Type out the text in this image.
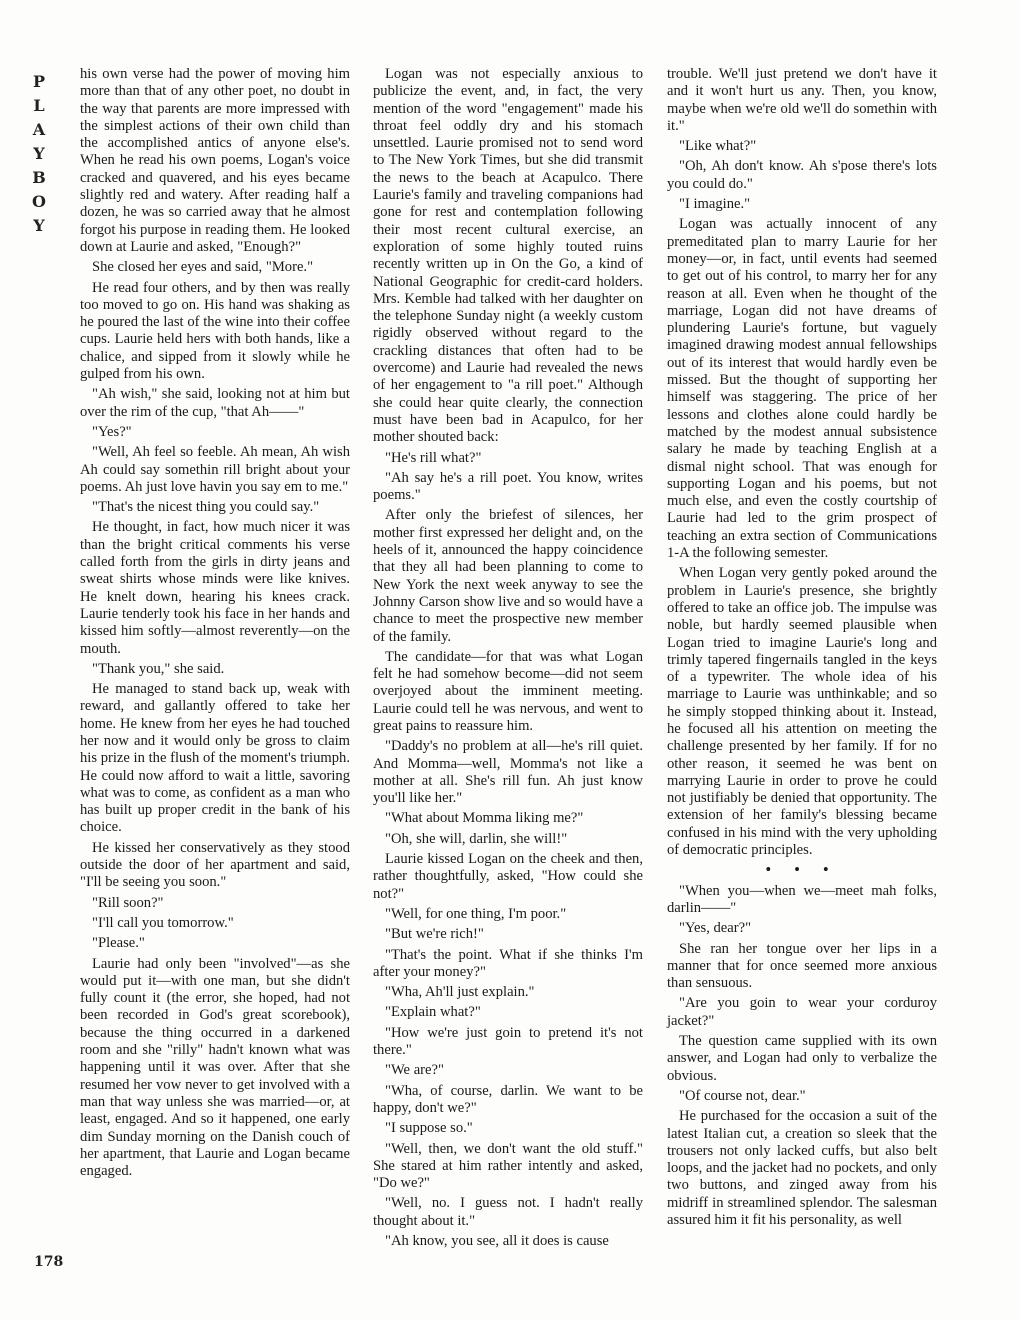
P
L
A
Y
B
O
Y
178

his own verse had the power of moving him more than that of any other poet, no doubt in the way that parents are more impressed with the simplest actions of their own child than the accomplished antics of anyone else's. When he read his own poems, Logan's voice cracked and quavered, and his eyes became slightly red and watery. After reading half a dozen, he was so carried away that he almost forgot his purpose in reading them. He looked down at Laurie and asked, "Enough?"

She closed her eyes and said, "More."

He read four others, and by then was really too moved to go on. His hand was shaking as he poured the last of the wine into their coffee cups. Laurie held hers with both hands, like a chalice, and sipped from it slowly while he gulped from his own.

"Ah wish," she said, looking not at him but over the rim of the cup, "that Ah——"

"Yes?"

"Well, Ah feel so feeble. Ah mean, Ah wish Ah could say somethin rill bright about your poems. Ah just love havin you say em to me."

"That's the nicest thing you could say."

He thought, in fact, how much nicer it was than the bright critical comments his verse called forth from the girls in dirty jeans and sweat shirts whose minds were like knives. He knelt down, hearing his knees crack. Laurie tenderly took his face in her hands and kissed him softly—almost reverently—on the mouth.

"Thank you," she said.

He managed to stand back up, weak with reward, and gallantly offered to take her home. He knew from her eyes he had touched her now and it would only be gross to claim his prize in the flush of the moment's triumph. He could now afford to wait a little, savoring what was to come, as confident as a man who has built up proper credit in the bank of his choice.

He kissed her conservatively as they stood outside the door of her apartment and said, "I'll be seeing you soon."

"Rill soon?"

"I'll call you tomorrow."

"Please."

Laurie had only been "involved"—as she would put it—with one man, but she didn't fully count it (the error, she hoped, had not been recorded in God's great scorebook), because the thing occurred in a darkened room and she "rilly" hadn't known what was happening until it was over. After that she resumed her vow never to get involved with a man that way unless she was married—or, at least, engaged. And so it happened, one early dim Sunday morning on the Danish couch of her apartment, that Laurie and Logan became engaged.

Logan was not especially anxious to publicize the event, and, in fact, the very mention of the word "engagement" made his throat feel oddly dry and his stomach unsettled. Laurie promised not to send word to The New York Times, but she did transmit the news to the beach at Acapulco. There Laurie's family and traveling companions had gone for rest and contemplation following their most recent cultural exercise, an exploration of some highly touted ruins recently written up in On the Go, a kind of National Geographic for credit-card holders. Mrs. Kemble had talked with her daughter on the telephone Sunday night (a weekly custom rigidly observed without regard to the crackling distances that often had to be overcome) and Laurie had revealed the news of her engagement to "a rill poet." Although she could hear quite clearly, the connection must have been bad in Acapulco, for her mother shouted back:

"He's rill what?"

"Ah say he's a rill poet. You know, writes poems."

After only the briefest of silences, her mother first expressed her delight and, on the heels of it, announced the happy coincidence that they all had been planning to come to New York the next week anyway to see the Johnny Carson show live and so would have a chance to meet the prospective new member of the family.

The candidate—for that was what Logan felt he had somehow become—did not seem overjoyed about the imminent meeting. Laurie could tell he was nervous, and went to great pains to reassure him.

"Daddy's no problem at all—he's rill quiet. And Momma—well, Momma's not like a mother at all. She's rill fun. Ah just know you'll like her."

"What about Momma liking me?"

"Oh, she will, darlin, she will!"

Laurie kissed Logan on the cheek and then, rather thoughtfully, asked, "How could she not?"

"Well, for one thing, I'm poor."

"But we're rich!"

"That's the point. What if she thinks I'm after your money?"

"Wha, Ah'll just explain."

"Explain what?"

"How we're just goin to pretend it's not there."

"We are?"

"Wha, of course, darlin. We want to be happy, don't we?"

"I suppose so."

"Well, then, we don't want the old stuff." She stared at him rather intently and asked, "Do we?"

"Well, no. I guess not. I hadn't really thought about it."

"Ah know, you see, all it does is cause

trouble. We'll just pretend we don't have it and it won't hurt us any. Then, you know, maybe when we're old we'll do somethin with it."

"Like what?"

"Oh, Ah don't know. Ah s'pose there's lots you could do."

"I imagine."

Logan was actually innocent of any premeditated plan to marry Laurie for her money—or, in fact, until events had seemed to get out of his control, to marry her for any reason at all. Even when he thought of the marriage, Logan did not have dreams of plundering Laurie's fortune, but vaguely imagined drawing modest annual fellowships out of its interest that would hardly even be missed. But the thought of supporting her himself was staggering. The price of her lessons and clothes alone could hardly be matched by the modest annual subsistence salary he made by teaching English at a dismal night school. That was enough for supporting Logan and his poems, but not much else, and even the costly courtship of Laurie had led to the grim prospect of teaching an extra section of Communications 1-A the following semester.

When Logan very gently poked around the problem in Laurie's presence, she brightly offered to take an office job. The impulse was noble, but hardly seemed plausible when Logan tried to imagine Laurie's long and trimly tapered fingernails tangled in the keys of a typewriter. The whole idea of his marriage to Laurie was unthinkable; and so he simply stopped thinking about it. Instead, he focused all his attention on meeting the challenge presented by her family. If for no other reason, it seemed he was bent on marrying Laurie in order to prove he could not justifiably be denied that opportunity. The extension of her family's blessing became confused in his mind with the very upholding of democratic principles.

• • •

"When you—when we—meet mah folks, darlin——"

"Yes, dear?"

She ran her tongue over her lips in a manner that for once seemed more anxious than sensuous.

"Are you goin to wear your corduroy jacket?"

The question came supplied with its own answer, and Logan had only to verbalize the obvious.

"Of course not, dear."

He purchased for the occasion a suit of the latest Italian cut, a creation so sleek that the trousers not only lacked cuffs, but also belt loops, and the jacket had no pockets, and only two buttons, and zinged away from his midriff in streamlined splendor. The salesman assured him it fit his personality, as well
